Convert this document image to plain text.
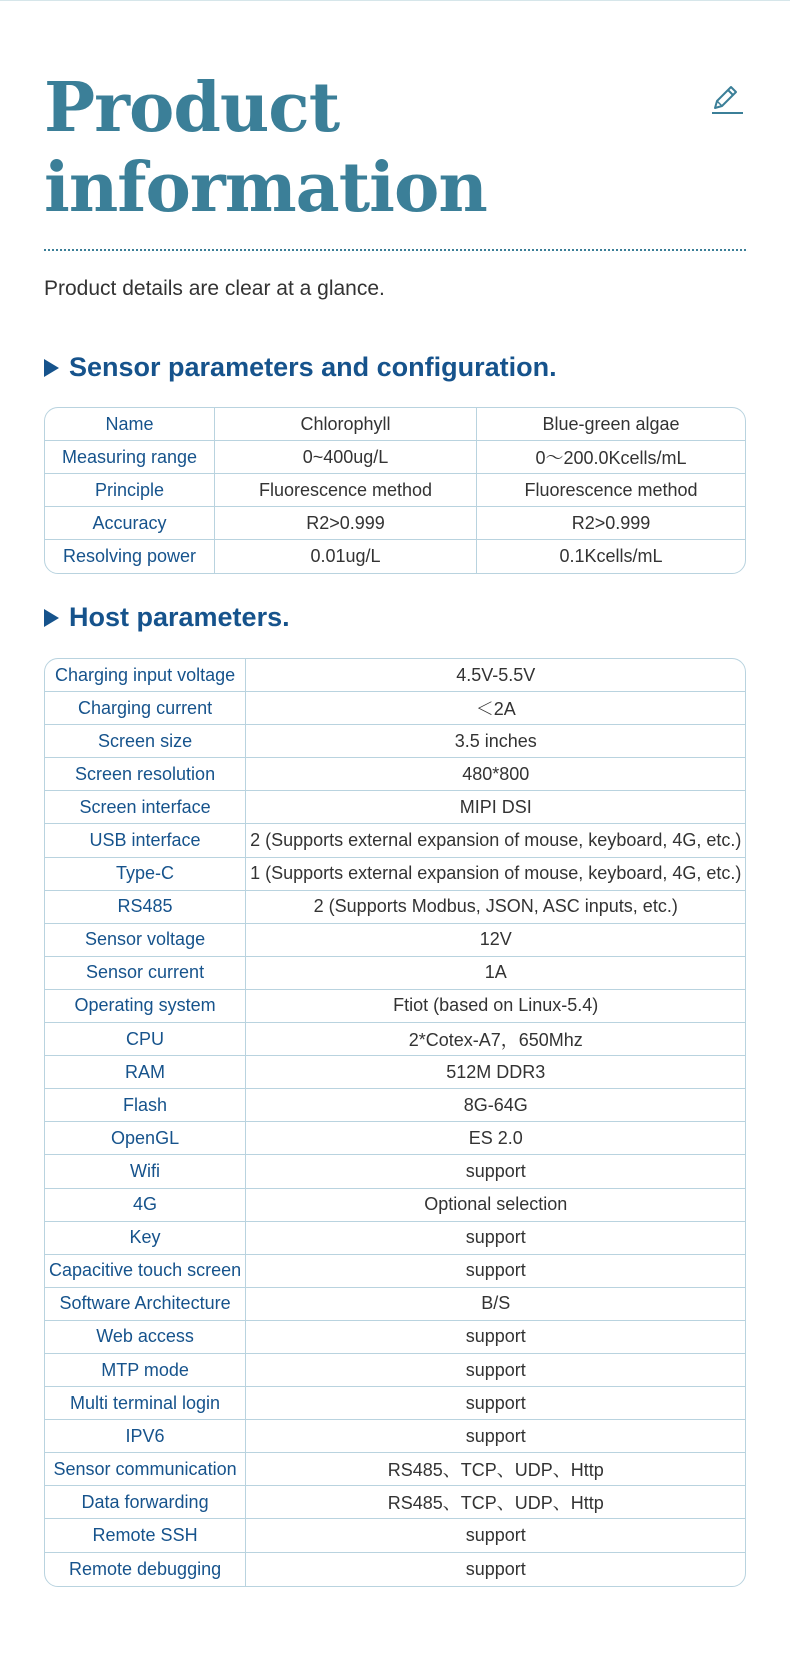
Product
information

Product details are clear at a glance.

Sensor parameters and configuration.
Name	Chlorophyll	Blue-green algae
Measuring range	0~400ug/L	0～200.0Kcells/mL
Principle	Fluorescence method	Fluorescence method
Accuracy	R2>0.999	R2>0.999
Resolving power	0.01ug/L	0.1Kcells/mL
Host parameters.
Charging input voltage	4.5V-5.5V
Charging current	＜2A
Screen size	3.5 inches
Screen resolution	480*800
Screen interface	MIPI DSI
USB interface	2 (Supports external expansion of mouse, keyboard, 4G, etc.)
Type-C	1 (Supports external expansion of mouse, keyboard, 4G, etc.)
RS485	2 (Supports Modbus, JSON, ASC inputs, etc.)
Sensor voltage	12V
Sensor current	1A
Operating system	Ftiot (based on Linux-5.4)
CPU	2*Cotex-A7，650Mhz
RAM	512M DDR3
Flash	8G-64G
OpenGL	ES 2.0
Wifi	support
4G	Optional selection
Key	support
Capacitive touch screen	support
Software Architecture	B/S
Web access	support
MTP mode	support
Multi terminal login	support
IPV6	support
Sensor communication	RS485、TCP、UDP、Http
Data forwarding	RS485、TCP、UDP、Http
Remote SSH	support
Remote debugging	support
